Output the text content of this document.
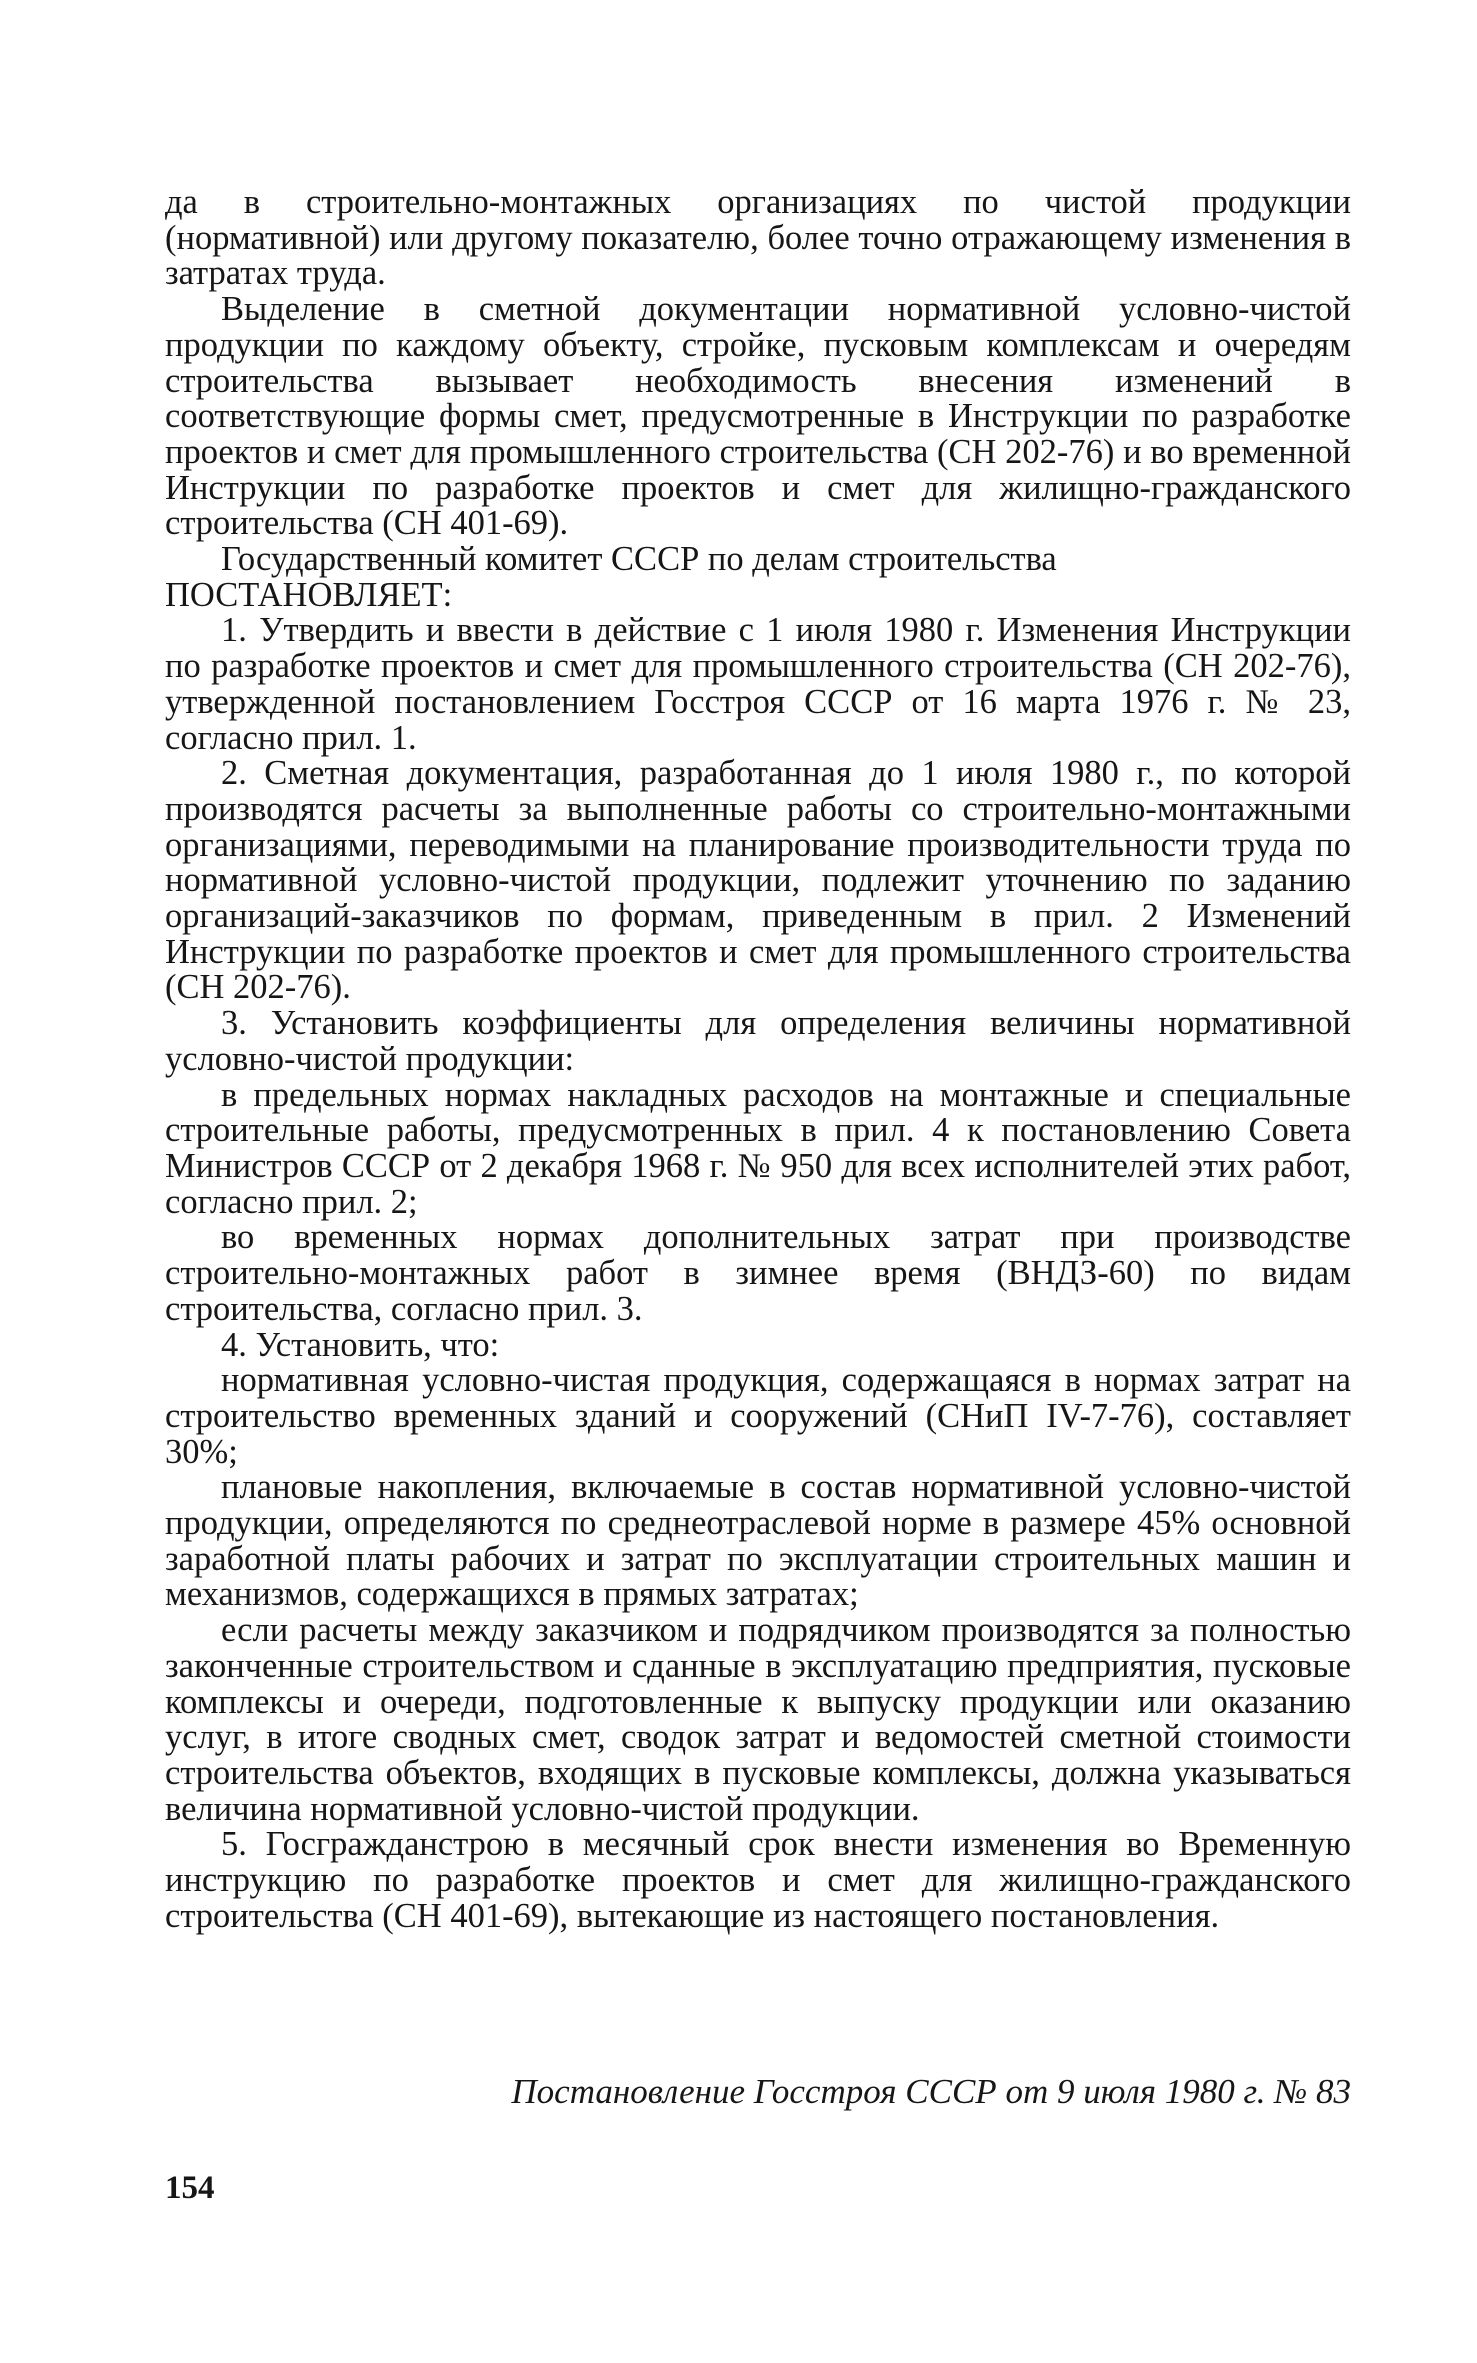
да в строительно-монтажных организациях по чистой продукции (нормативной) или другому показателю, более точно отражающему изменения в затратах труда.

Выделение в сметной документации нормативной условно-чистой продукции по каждому объекту, стройке, пусковым комплексам и очередям строительства вызывает необходимость внесения изменений в соответствующие формы смет, предусмотренные в Инструкции по разработке проектов и смет для промышленного строительства (СН 202-76) и во временной Инструкции по разработке проектов и смет для жилищно-гражданского строительства (СН 401-69).

Государственный комитет СССР по делам строительства

ПОСТАНОВЛЯЕТ:

1. Утвердить и ввести в действие с 1 июля 1980 г. Изменения Инструкции по разработке проектов и смет для промышленного строительства (СН 202-76), утвержденной постановлением Госстроя СССР от 16 марта 1976 г. № 23, согласно прил. 1.

2. Сметная документация, разработанная до 1 июля 1980 г., по которой производятся расчеты за выполненные работы со строительно-монтажными организациями, переводимыми на планирование производительности труда по нормативной условно-чистой продукции, подлежит уточнению по заданию организаций-заказчиков по формам, приведенным в прил. 2 Изменений Инструкции по разработке проектов и смет для промышленного строительства (СН 202-76).

3. Установить коэффициенты для определения величины нормативной условно-чистой продукции:

в предельных нормах накладных расходов на монтажные и специальные строительные работы, предусмотренных в прил. 4 к постановлению Совета Министров СССР от 2 декабря 1968 г. № 950 для всех исполнителей этих работ, согласно прил. 2;

во временных нормах дополнительных затрат при производстве строительно-монтажных работ в зимнее время (ВНДЗ-60) по видам строительства, согласно прил. 3.

4. Установить, что:

нормативная условно-чистая продукция, содержащаяся в нормах затрат на строительство временных зданий и сооружений (СНиП IV-7-76), составляет 30%;

плановые накопления, включаемые в состав нормативной условно-чистой продукции, определяются по среднеотраслевой норме в размере 45% основной заработной платы рабочих и затрат по эксплуатации строительных машин и механизмов, содержащихся в прямых затратах;

если расчеты между заказчиком и подрядчиком производятся за полностью законченные строительством и сданные в эксплуатацию предприятия, пусковые комплексы и очереди, подготовленные к выпуску продукции или оказанию услуг, в итоге сводных смет, сводок затрат и ведомостей сметной стоимости строительства объектов, входящих в пусковые комплексы, должна указываться величина нормативной условно-чистой продукции.

5. Госгражданстрою в месячный срок внести изменения во Временную инструкцию по разработке проектов и смет для жилищно-гражданского строительства (СН 401-69), вытекающие из настоящего постановления.

Постановление Госстроя СССР от 9 июля 1980 г. № 83
154
